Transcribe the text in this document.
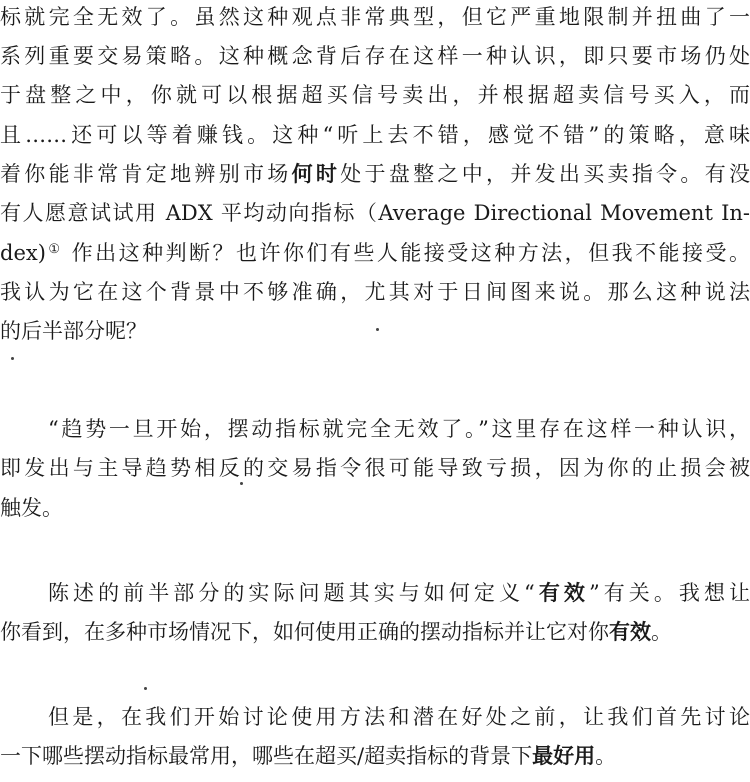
标就完全无效了。虽然这种观点非常典型，但它严重地限制并扭曲了一
系列重要交易策略。这种概念背后存在这样一种认识，即只要市场仍处
于盘整之中，你就可以根据超买信号卖出，并根据超卖信号买入，而
且……还可以等着赚钱。这种“听上去不错，感觉不错”的策略，意味
着你能非常肯定地辨别市场何时处于盘整之中，并发出买卖指令。有没
有人愿意试试用 ADX 平均动向指标（Average Directional Movement In-
dex)① 作出这种判断？也许你们有些人能接受这种方法，但我不能接受。
我认为它在这个背景中不够准确，尤其对于日间图来说。那么这种说法
的后半部分呢？
“趋势一旦开始，摆动指标就完全无效了。”这里存在这样一种认识，
即发出与主导趋势相反的交易指令很可能导致亏损，因为你的止损会被
触发。
陈述的前半部分的实际问题其实与如何定义“有效”有关。我想让
你看到，在多种市场情况下，如何使用正确的摆动指标并让它对你有效。
但是，在我们开始讨论使用方法和潜在好处之前，让我们首先讨论
一下哪些摆动指标最常用，哪些在超买/超卖指标的背景下最好用。
